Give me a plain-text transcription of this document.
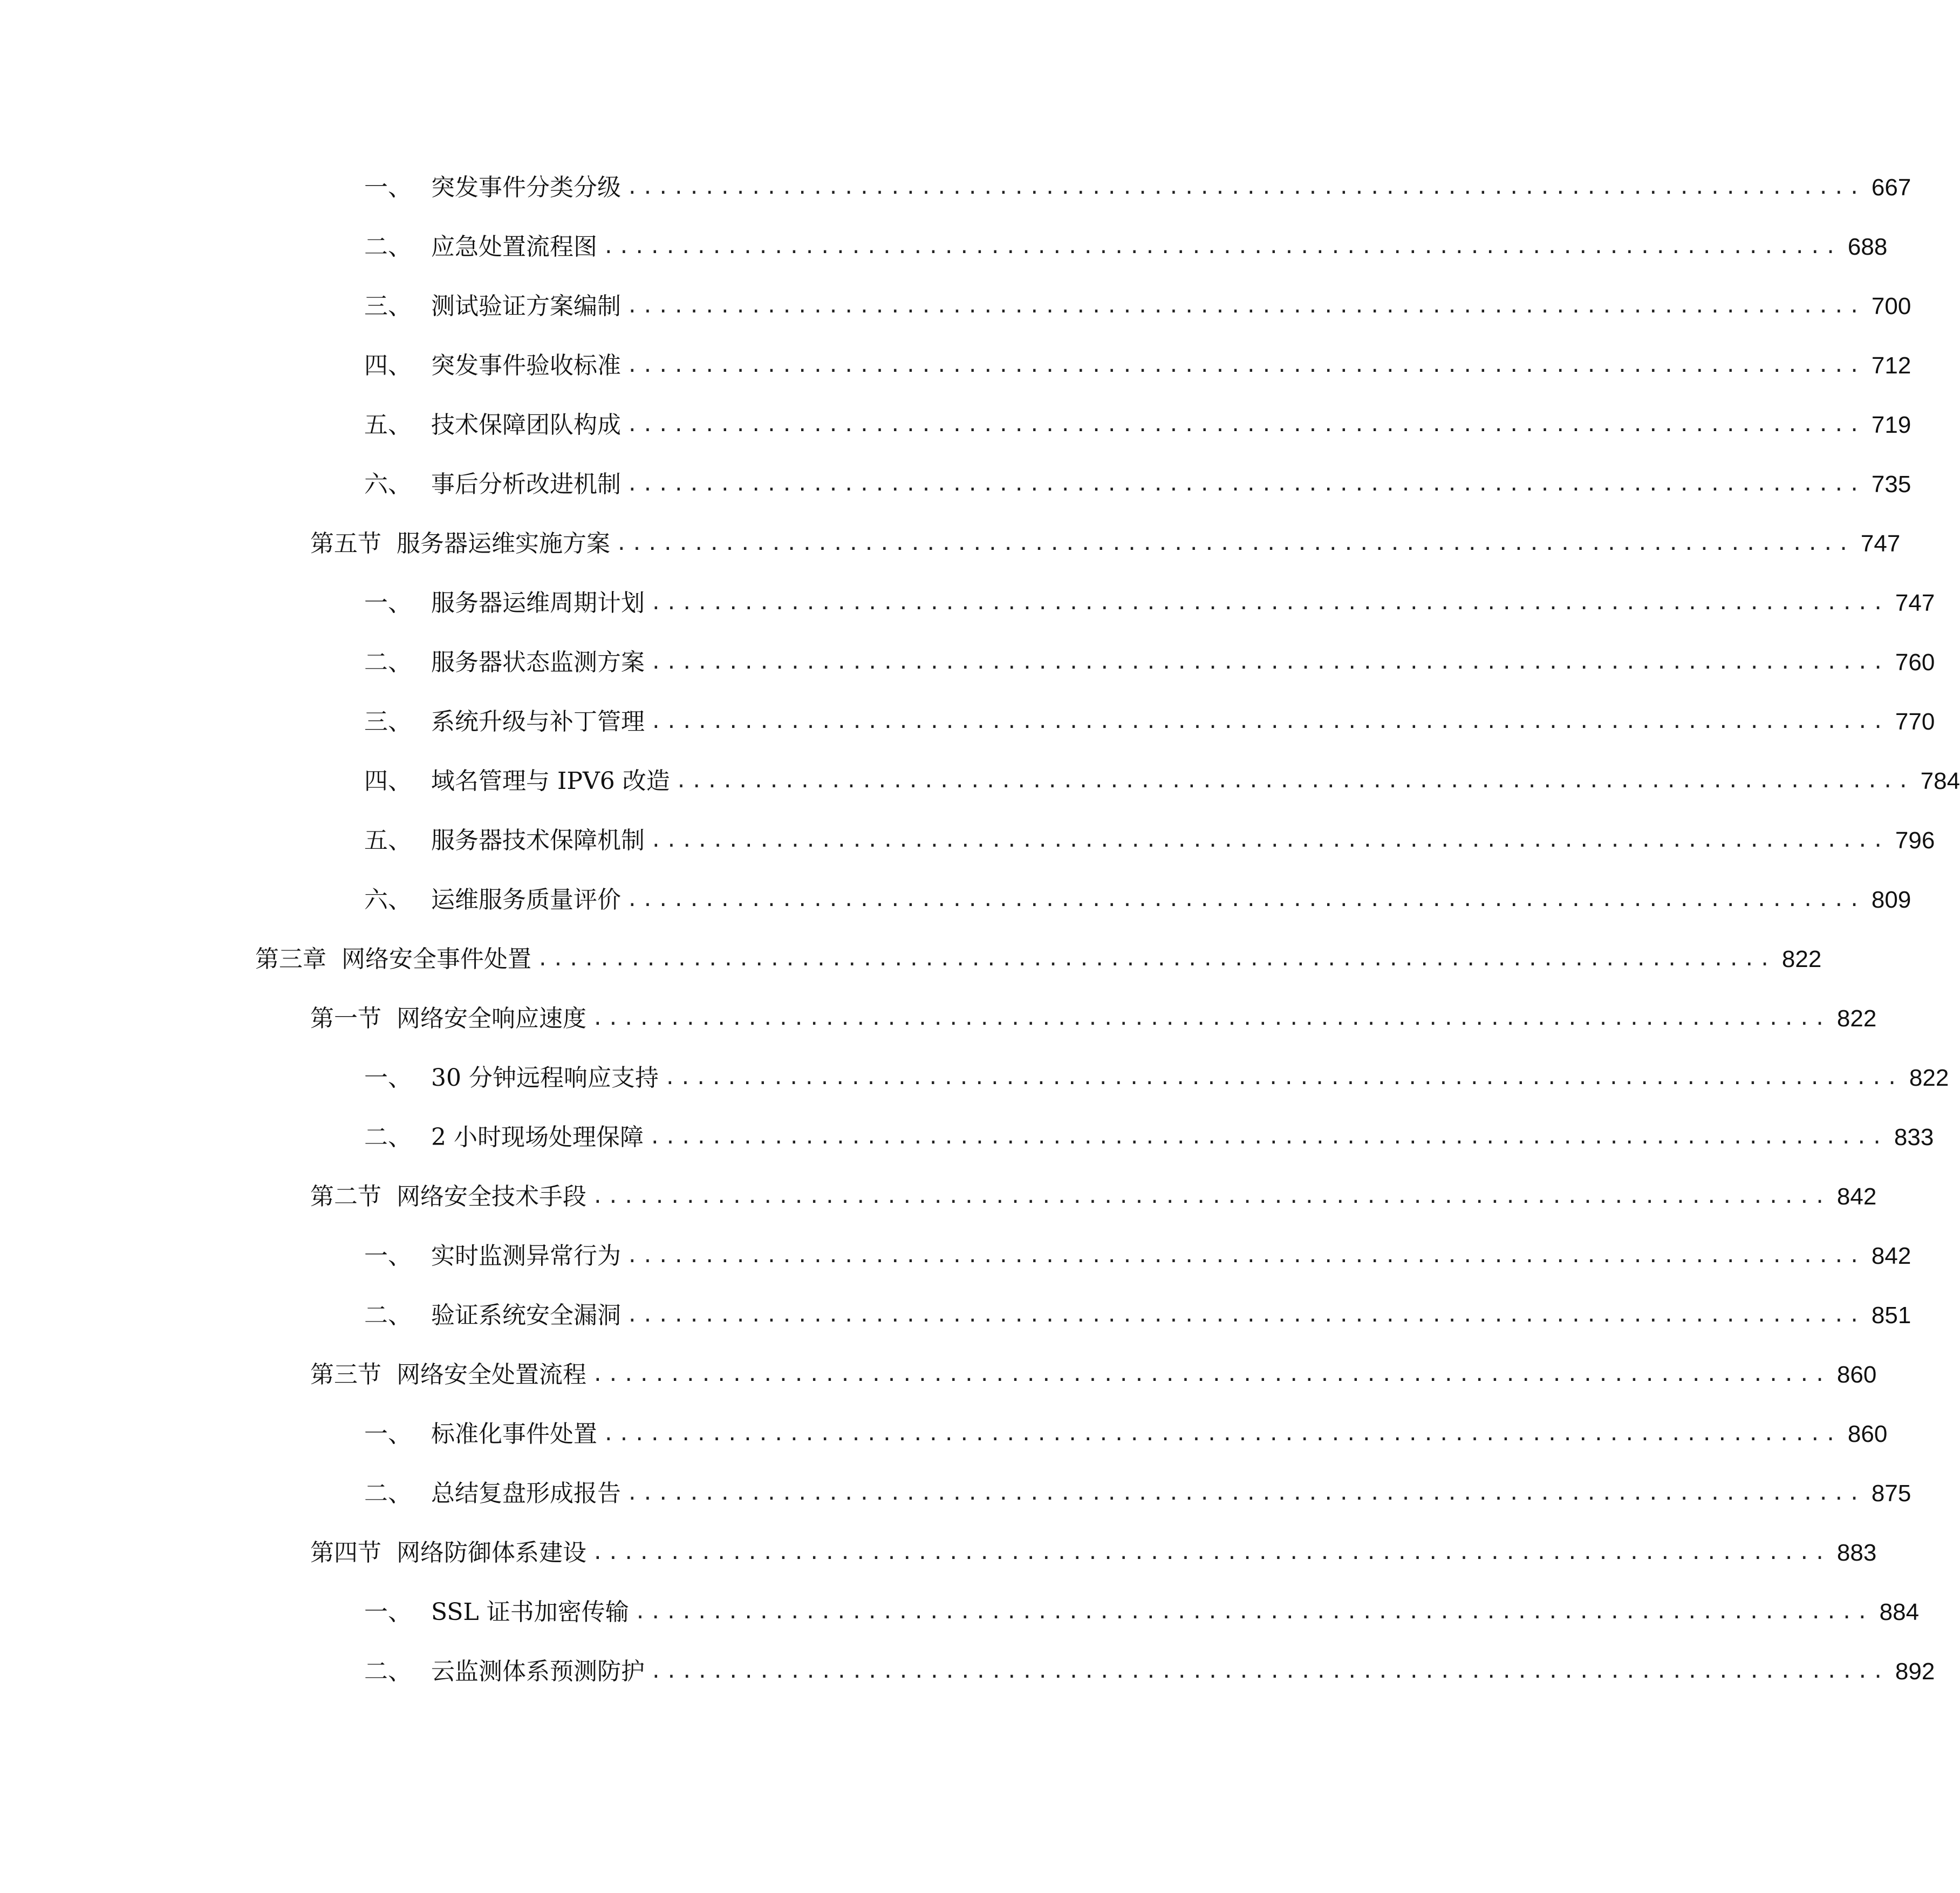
一、 突发事件分类分级 ................................................................................ 667
二、 应急处置流程图 ................................................................................ 688
三、 测试验证方案编制 ................................................................................ 700
四、 突发事件验收标准 ................................................................................ 712
五、 技术保障团队构成 ................................................................................ 719
六、 事后分析改进机制 ................................................................................ 735
第五节 服务器运维实施方案 ................................................................................ 747
一、 服务器运维周期计划 ................................................................................ 747
二、 服务器状态监测方案 ................................................................................ 760
三、 系统升级与补丁管理 ................................................................................ 770
四、 域名管理与 IPV6 改造 ................................................................................ 784
五、 服务器技术保障机制 ................................................................................ 796
六、 运维服务质量评价 ................................................................................ 809
第三章 网络安全事件处置 ................................................................................ 822
第一节 网络安全响应速度 ................................................................................ 822
一、 30 分钟远程响应支持 ................................................................................ 822
二、 2 小时现场处理保障 ................................................................................ 833
第二节 网络安全技术手段 ................................................................................ 842
一、 实时监测异常行为 ................................................................................ 842
二、 验证系统安全漏洞 ................................................................................ 851
第三节 网络安全处置流程 ................................................................................ 860
一、 标准化事件处置 ................................................................................ 860
二、 总结复盘形成报告 ................................................................................ 875
第四节 网络防御体系建设 ................................................................................ 883
一、 SSL 证书加密传输 ................................................................................ 884
二、 云监测体系预测防护 ................................................................................ 892
